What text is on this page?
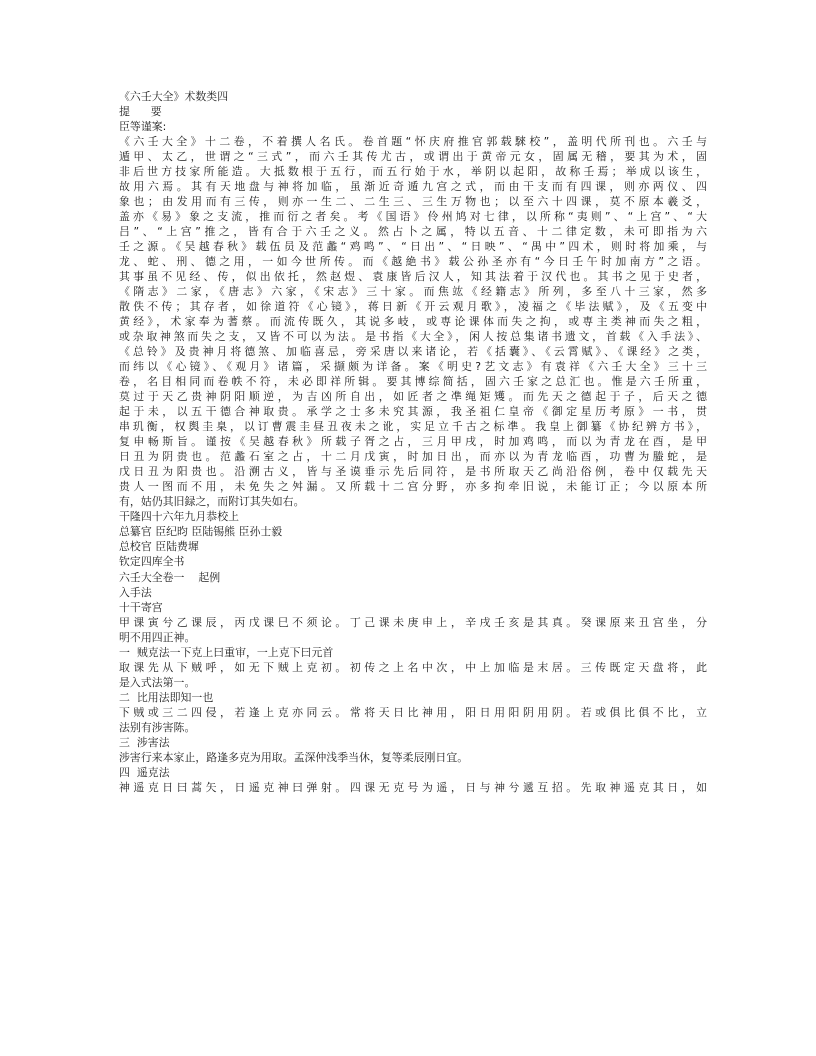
《六壬大全》术数类四
提      要
臣等谨案:
《六壬大全》十二卷，不着撰人名氏。卷首题“怀庆府推官郭载騋校”，盖明代所刊也。六壬与
遁甲、太乙，世谓之“三式”，而六壬其传尤古，或谓出于黄帝元女，固属无稽，要其为术，固
非后世方技家所能造。大抵数根于五行，而五行始于水，举阴以起阳，故称壬焉；举成以该生，
故用六焉。其有天地盘与神将加临，虽渐近奇遁九宫之式，而由干支而有四课，则亦两仪、四
象也；由发用而有三传，则亦一生二、二生三、三生万物也；以至六十四课，莫不原本羲爻，
盖亦《易》象之支流，推而衍之者矣。考《国语》伶州鸠对七律，以所称“夷则”、“上宫”、“大
吕”、“上宫”推之，皆有合于六壬之义。然占卜之属，特以五音、十二律定数，未可即指为六
壬之源。《吴越春秋》载伍员及范蠡“鸡鸣”、“日出”、“日映”、“禺中”四术，则时将加乘，与
龙、蛇、刑、德之用，一如今世所传。而《越絶书》载公孙圣亦有“今日壬午时加南方”之语。
其事虽不见经、传，似出依托，然赵煜、袁康皆后汉人，知其法着于汉代也。其书之见于史者，
《隋志》二家，《唐志》六家，《宋志》三十家。而焦竑《经籍志》所列，多至八十三家，然多
散佚不传；其存者，如徐道符《心镜》，蒋日新《开云观月歌》，凌福之《毕法赋》，及《五变中
黄经》，术家奉为蓍蔡。而流传既久，其说多岐，或専论课体而失之拘，或専主类神而失之粗，
或杂取神煞而失之支，又皆不可以为法。是书指《大全》，闲人按总集诸书遗文，首载《入手法》、
《总铃》及贵神月将德煞、加临喜忌，旁采唐以来诸论，若《括囊》、《云霄赋》、《课经》之类，
而纬以《心镜》、《观月》诸篇，采撷颇为详备。案《明史?艺文志》有袁祥《六壬大全》三十三
卷，名目相同而卷帙不符，未必即祥所辑。要其博综简括，固六壬家之总汇也。惟是六壬所重，
莫过于天乙贵神阴阳顺逆，为吉凶所自出，如匠者之凖绳矩矱。而先天之德起于子，后天之德
起于未，以五干德合神取贵。承学之士多未究其源，我圣祖仁皇帝《御定星历考原》一书，贯
串玑衡，权舆圭臬，以订曹震圭昼丑夜未之讹，实足立千古之标凖。我皇上御纂《协纪辨方书》，
复申畅斯旨。谨按《吴越春秋》所载子胥之占，三月甲戌，时加鸡鸣，而以为青龙在酉，是甲
日丑为阴贵也。范蠡石室之占，十二月戊寅，时加日出，而亦以为青龙临酉，功曹为螣蛇，是
戊日丑为阳贵也。沿溯古义，皆与圣谟垂示先后同符，是书所取天乙尚沿俗例，卷中仅载先天
贵人一图而不用，未免失之舛漏。又所载十二宫分野，亦多拘牵旧说，未能订正；今以原本所
有，姑仍其旧録之，而附订其失如右。
干隆四十六年九月恭校上
总纂官 臣纪昀 臣陆锡熊 臣孙士毅
总校官 臣陆费墀
钦定四库全书
六壬大全卷一    起例
入手法
十干寄宫
甲课寅兮乙课辰，丙戊课巳不须论。丁己课未庚申上，辛戌壬亥是其真。癸课原来丑宫坐，分
明不用四正神。
一  贼克法一下克上曰重审，一上克下曰元首
取课先从下贼呼，如无下贼上克初。初传之上名中次，中上加临是末居。三传既定天盘将，此
是入式法第一。
二  比用法即知一也
下贼或三二四侵，若逢上克亦同云。常将天日比神用，阳日用阳阴用阴。若或俱比俱不比，立
法别有涉害陈。
三  涉害法
涉害行来本家止，路逢多克为用取。孟深仲浅季当休，复等柔辰刚日宜。
四  遥克法
神遥克日曰蒿矢，日遥克神曰弹射。四课无克号为遥，日与神兮遞互招。先取神遥克其日，如
